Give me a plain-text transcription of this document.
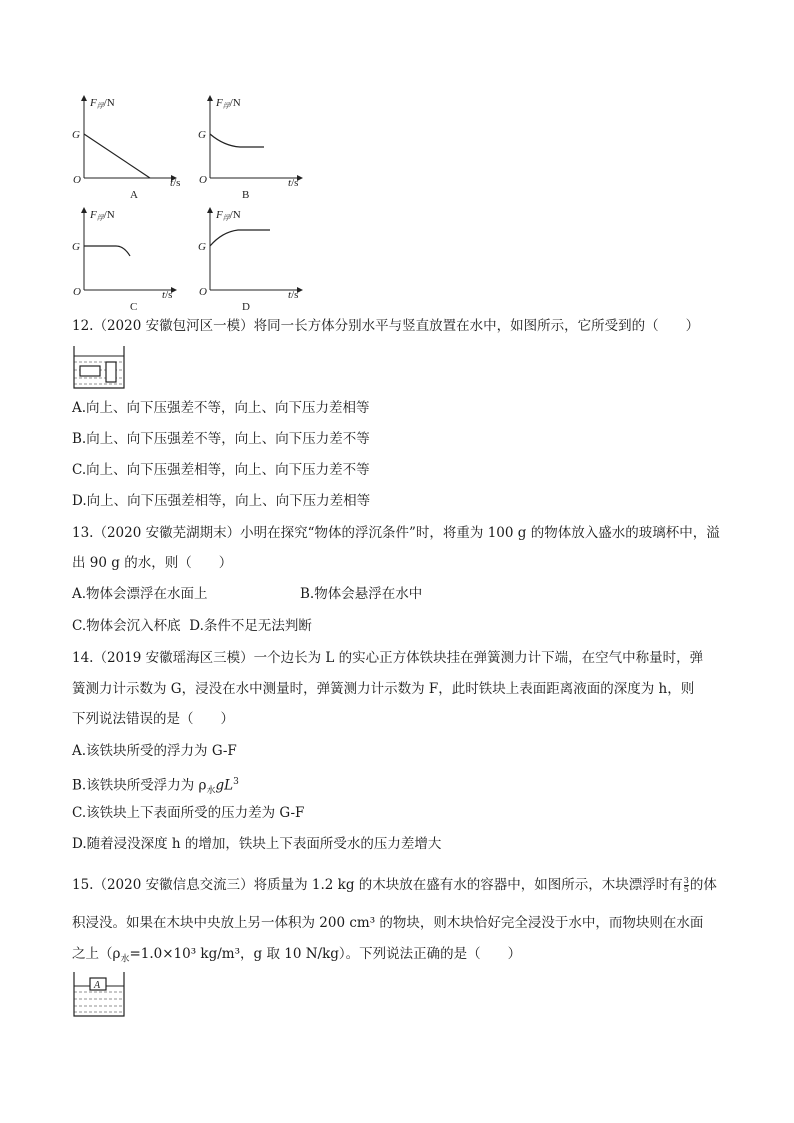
F浮/N
G
O	t/s
A
F浮/N
G
O	t/s
B
F浮/N
G
O	t/s
C
F浮/N
G
O	t/s
D
12.（2020 安徽包河区一模）将同一长方体分别水平与竖直放置在水中，如图所示，它所受到的（　　）
A.向上、向下压强差不等，向上、向下压力差相等
B.向上、向下压强差不等，向上、向下压力差不等
C.向上、向下压强差相等，向上、向下压力差不等
D.向上、向下压强差相等，向上、向下压力差相等
13.（2020 安徽芜湖期末）小明在探究“物体的浮沉条件”时，将重为 100 g 的物体放入盛水的玻璃杯中，溢
出 90 g 的水，则（　　）
A.物体会漂浮在水面上	B.物体会悬浮在水中
C.物体会沉入杯底 D.条件不足无法判断
14.（2019 安徽瑶海区三模）一个边长为 L 的实心正方体铁块挂在弹簧测力计下端，在空气中称量时，弹
簧测力计示数为 G，浸没在水中测量时，弹簧测力计示数为 F，此时铁块上表面距离液面的深度为 h，则
下列说法错误的是（　　）
A.该铁块所受的浮力为 G-F
B.该铁块所受浮力为 $\rho_水gL^3$
C.该铁块上下表面所受的压力差为 G-F
D.随着浸没深度 h 的增加，铁块上下表面所受水的压力差增大
15.（2020 安徽信息交流三）将质量为 1.2 kg 的木块放在盛有水的容器中，如图所示，木块漂浮时有 $\frac{3}{5}$ 的体
积浸没。如果在木块中央放上另一体积为 200 cm³ 的物块，则木块恰好完全浸没于水中，而物块则在水面
之上（$\rho_水=1.0\times 10^3$ kg/m³，g 取 10 N/kg）。下列说法正确的是（　　）
A
